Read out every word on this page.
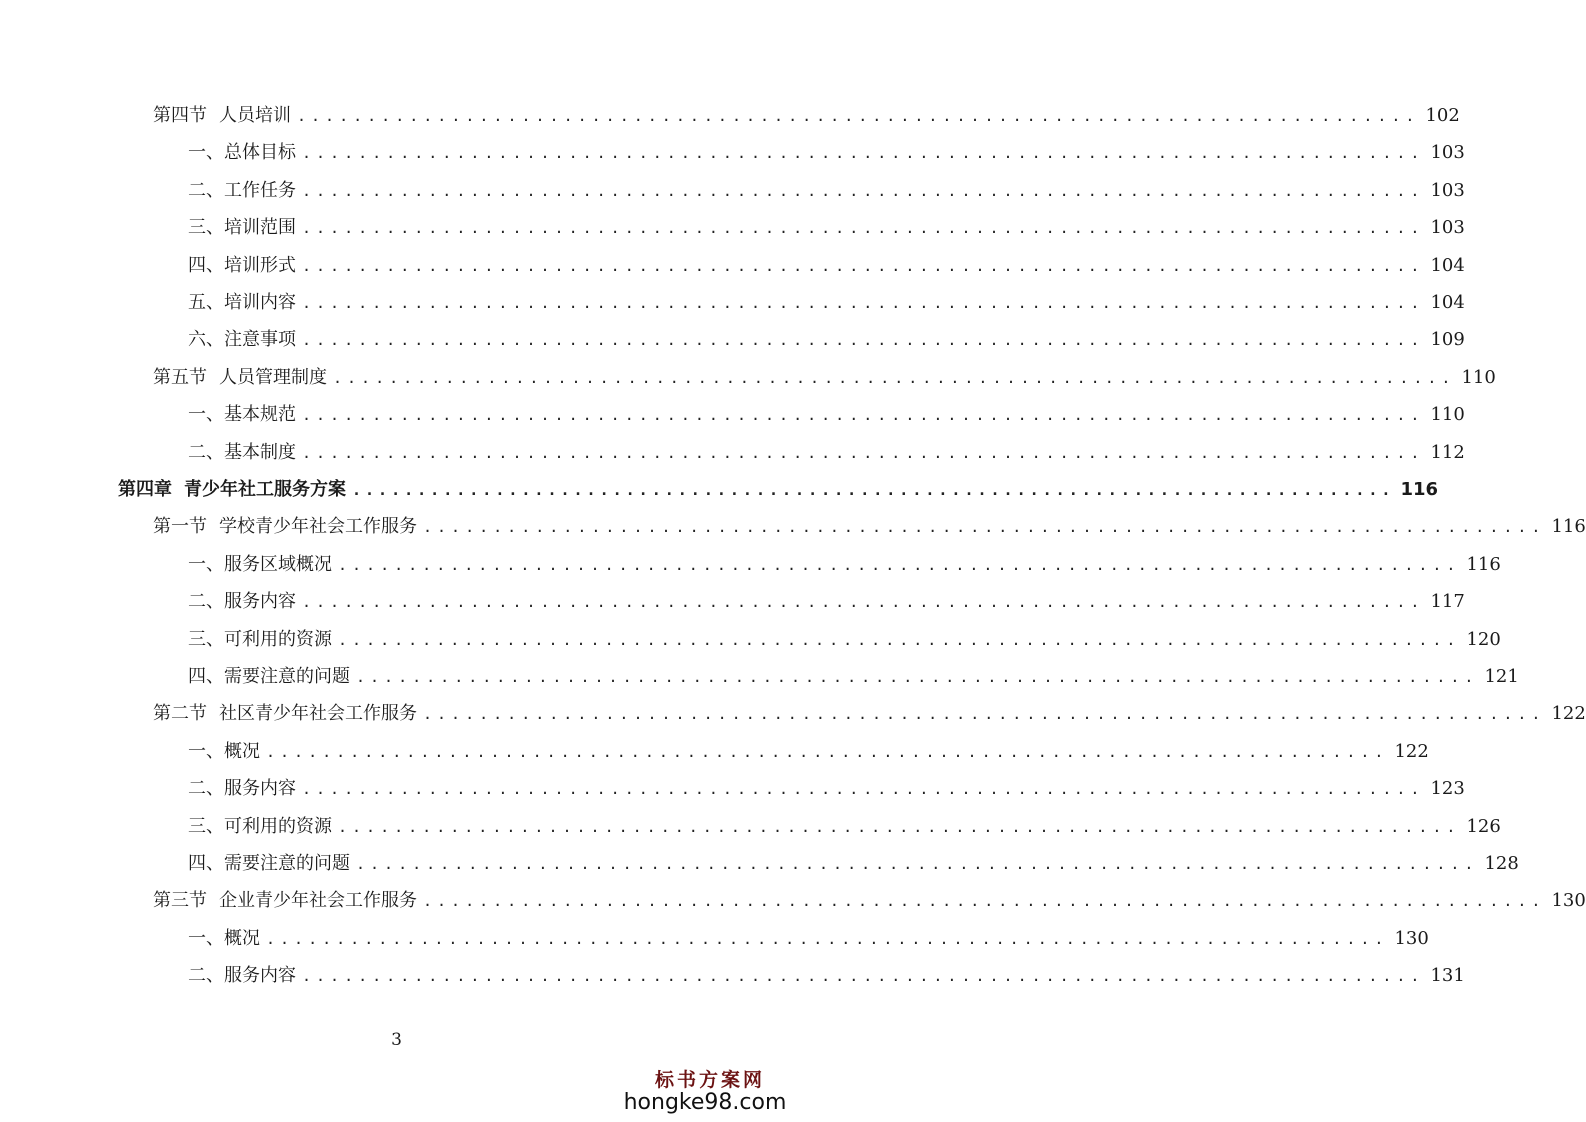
第四节 人员培训 ................................................................................ 102
一、总体目标 ................................................................................ 103
二、工作任务 ................................................................................ 103
三、培训范围 ................................................................................ 103
四、培训形式 ................................................................................ 104
五、培训内容 ................................................................................ 104
六、注意事项 ................................................................................ 109
第五节 人员管理制度 ................................................................................ 110
一、基本规范 ................................................................................ 110
二、基本制度 ................................................................................ 112
第四章 青少年社工服务方案 ................................................................................ 116
第一节 学校青少年社会工作服务 ................................................................................ 116
一、服务区域概况 ................................................................................ 116
二、服务内容 ................................................................................ 117
三、可利用的资源 ................................................................................ 120
四、需要注意的问题 ................................................................................ 121
第二节 社区青少年社会工作服务 ................................................................................ 122
一、概况 ................................................................................ 122
二、服务内容 ................................................................................ 123
三、可利用的资源 ................................................................................ 126
四、需要注意的问题 ................................................................................ 128
第三节 企业青少年社会工作服务 ................................................................................ 130
一、概况 ................................................................................ 130
二、服务内容 ................................................................................ 131
3
标书方案网
hongke98.com
